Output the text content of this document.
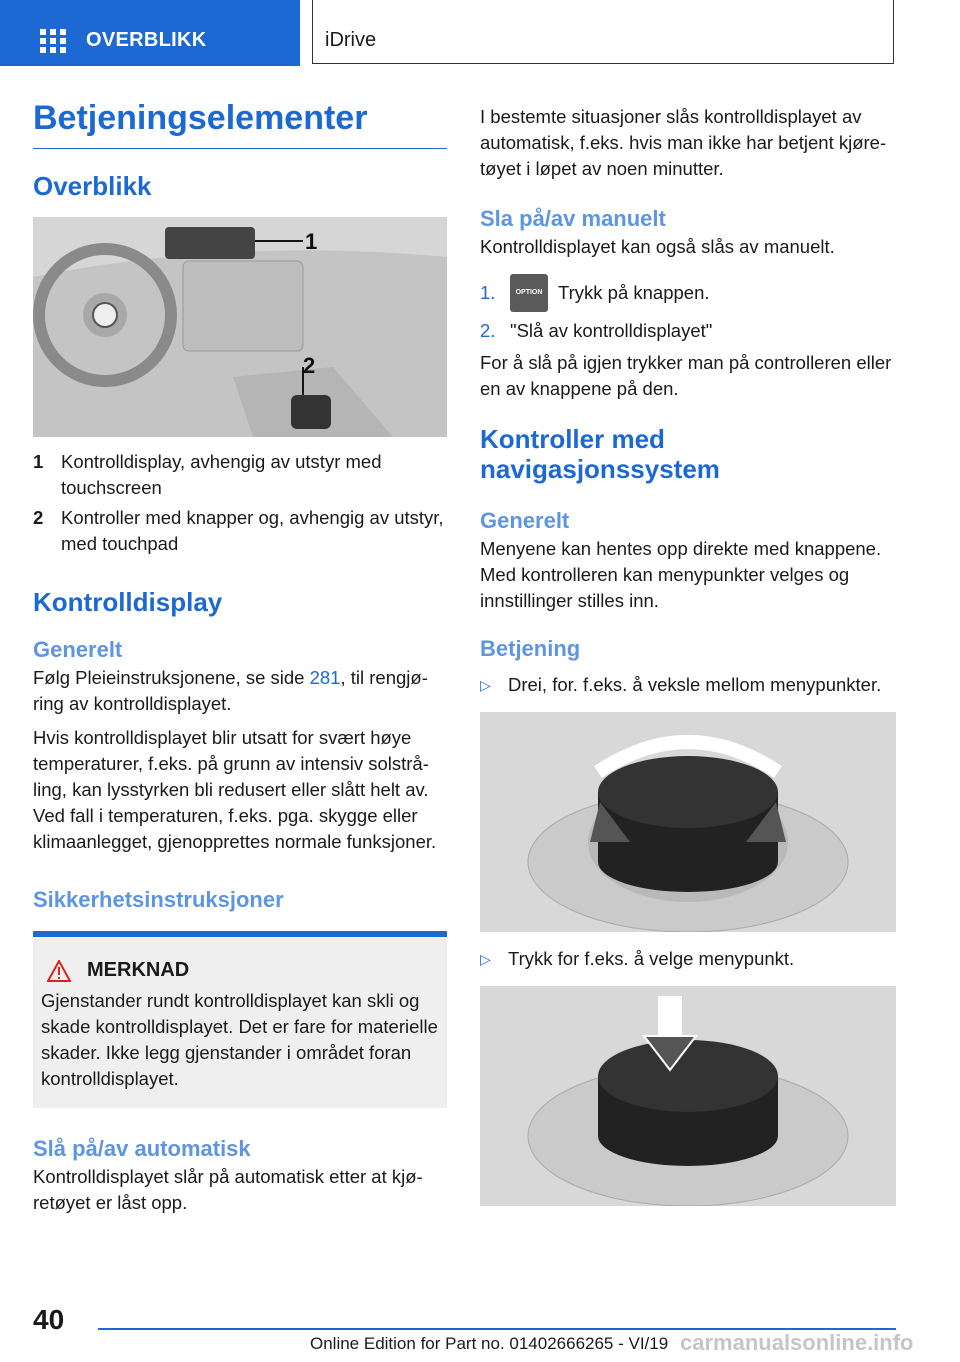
OVERBLIKK	iDrive
Betjeningselementer
Overblikk
1
2
1 Kontrolldisplay, avhengig av utstyr med touchscreen
2 Kontroller med knapper og, avhengig av utstyr, med touchpad
Kontrolldisplay
Generelt

Følg Pleieinstruksjonene, se side 281, til rengjøring av kontrolldisplayet.

Hvis kontrolldisplayet blir utsatt for svært høye temperaturer, f.eks. på grunn av intensiv solstråling, kan lysstyrken bli redusert eller slått helt av. Ved fall i temperaturen, f.eks. pga. skygge eller klimaanlegget, gjenopprettes normale funksjoner.

Sikkerhetsinstruksjoner
MERKNAD

Gjenstander rundt kontrolldisplayet kan skli og skade kontrolldisplayet. Det er fare for materielle skader. Ikke legg gjenstander i området foran kontrolldisplayet.

Slå på/av automatisk

Kontrolldisplayet slår på automatisk etter at kjøretøyet er låst opp.

I bestemte situasjoner slås kontrolldisplayet av automatisk, f.eks. hvis man ikke har betjent kjøretøyet i løpet av noen minutter.

Sla på/av manuelt

Kontrolldisplayet kan også slås av manuelt.

1.	OPTION Trykk på knappen.
2. "Slå av kontrolldisplayet"

For å slå på igjen trykker man på controlleren eller en av knappene på den.

Kontroller med navigasjonssystem
Generelt

Menyene kan hentes opp direkte med knappene. Med kontrolleren kan menypunkter velges og innstillinger stilles inn.

Betjening
▷ Drei, for. f.eks. å veksle mellom menypunkter.
▷ Trykk for f.eks. å velge menypunkt.
40
Online Edition for Part no. 01402666265 - VI/19 carmanualsonline.info
